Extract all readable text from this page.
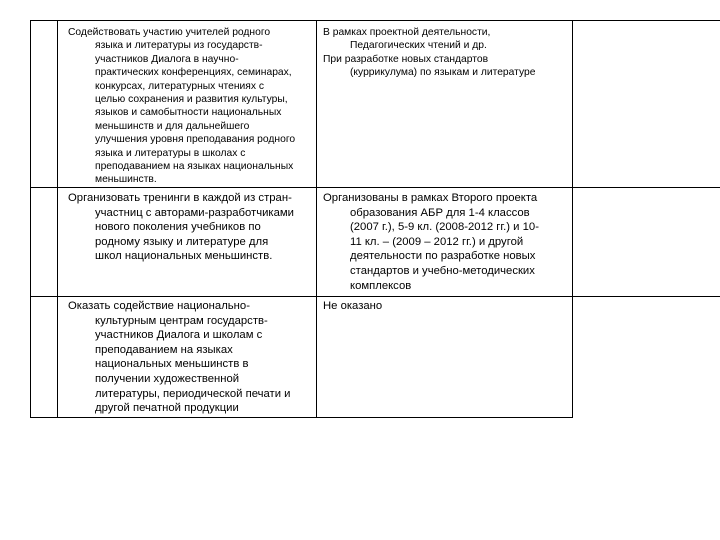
Содействовать участию учителей родного
языка и литературы из государств-
участников Диалога в научно-
практических конференциях, семинарах,
конкурсах, литературных чтениях с
целью сохранения и развития культуры,
языков и самобытности национальных
меньшинств и для дальнейшего
улучшения уровня преподавания родного
языка и литературы в школах с
преподаванием на языках национальных
меньшинств.
В рамках проектной деятельности,
Педагогических чтений и др.
При разработке новых стандартов
(куррикулума) по языкам и литературе
Организовать тренинги в каждой из стран-
участниц с авторами-разработчиками
нового поколения учебников по
родному языку и литературе для
школ национальных меньшинств.
Организованы в рамках Второго проекта
образования АБР для 1-4 классов
(2007 г.), 5-9 кл. (2008-2012 гг.) и 10-
11 кл. – (2009 – 2012 гг.) и другой
деятельности по разработке новых
стандартов и учебно-методических
комплексов
Оказать содействие национально-
культурным центрам государств-
участников Диалога и школам с
преподаванием на языках
национальных меньшинств в
получении художественной
литературы, периодической печати и
другой печатной продукции
Не оказано
